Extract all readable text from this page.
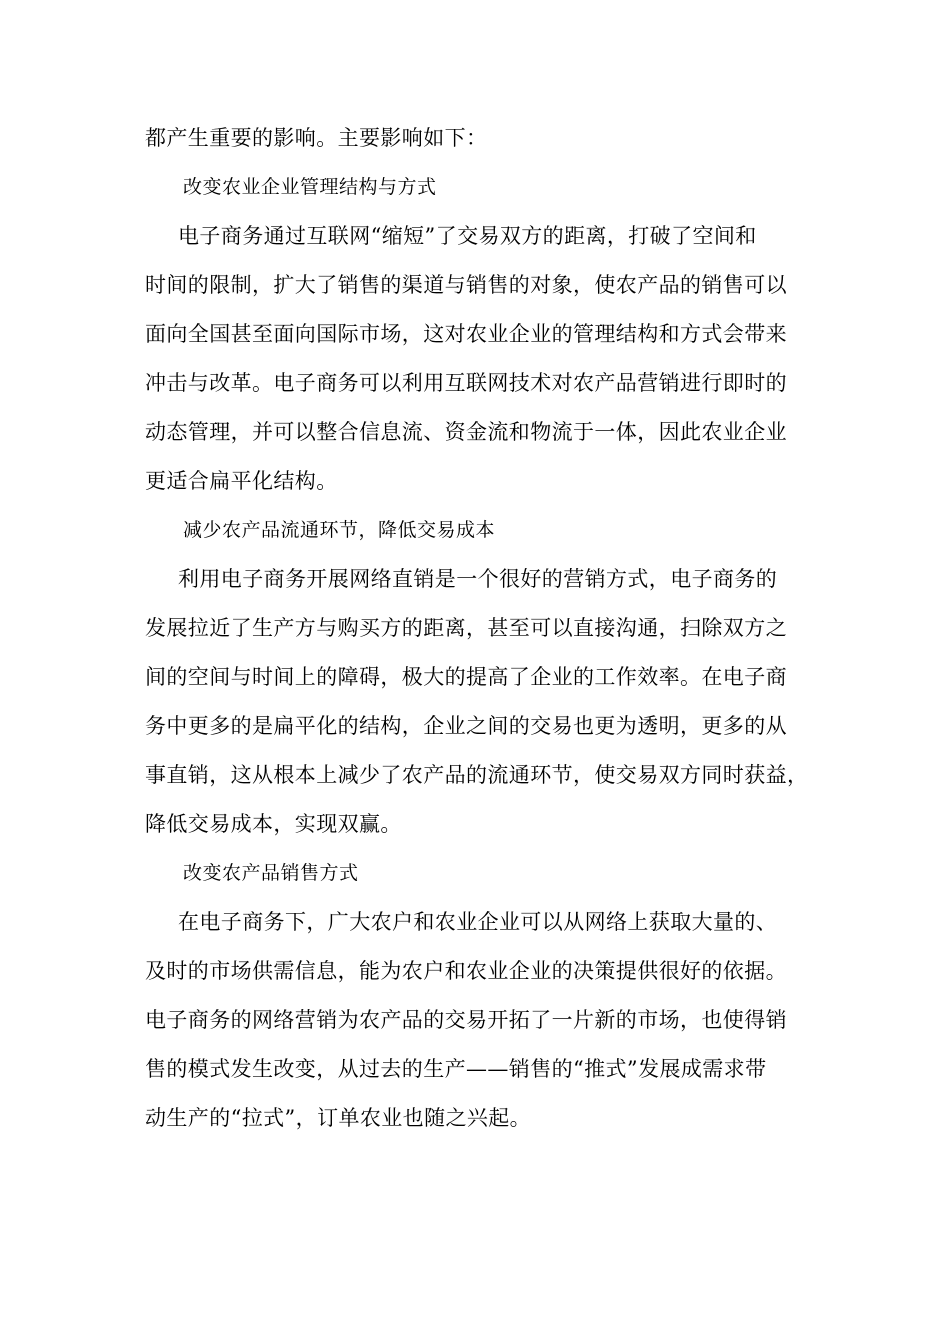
都产生重要的影响。主要影响如下：
改变农业企业管理结构与方式
电子商务通过互联网“缩短”了交易双方的距离，打破了空间和
时间的限制，扩大了销售的渠道与销售的对象，使农产品的销售可以
面向全国甚至面向国际市场，这对农业企业的管理结构和方式会带来
冲击与改革。电子商务可以利用互联网技术对农产品营销进行即时的
动态管理，并可以整合信息流、资金流和物流于一体，因此农业企业
更适合扁平化结构。
减少农产品流通环节，降低交易成本
利用电子商务开展网络直销是一个很好的营销方式，电子商务的
发展拉近了生产方与购买方的距离，甚至可以直接沟通，扫除双方之
间的空间与时间上的障碍，极大的提高了企业的工作效率。在电子商
务中更多的是扁平化的结构，企业之间的交易也更为透明，更多的从
事直销，这从根本上减少了农产品的流通环节，使交易双方同时获益，
降低交易成本，实现双赢。
改变农产品销售方式
在电子商务下，广大农户和农业企业可以从网络上获取大量的、
及时的市场供需信息，能为农户和农业企业的决策提供很好的依据。
电子商务的网络营销为农产品的交易开拓了一片新的市场，也使得销
售的模式发生改变，从过去的生产——销售的“推式”发展成需求带
动生产的“拉式”，订单农业也随之兴起。
